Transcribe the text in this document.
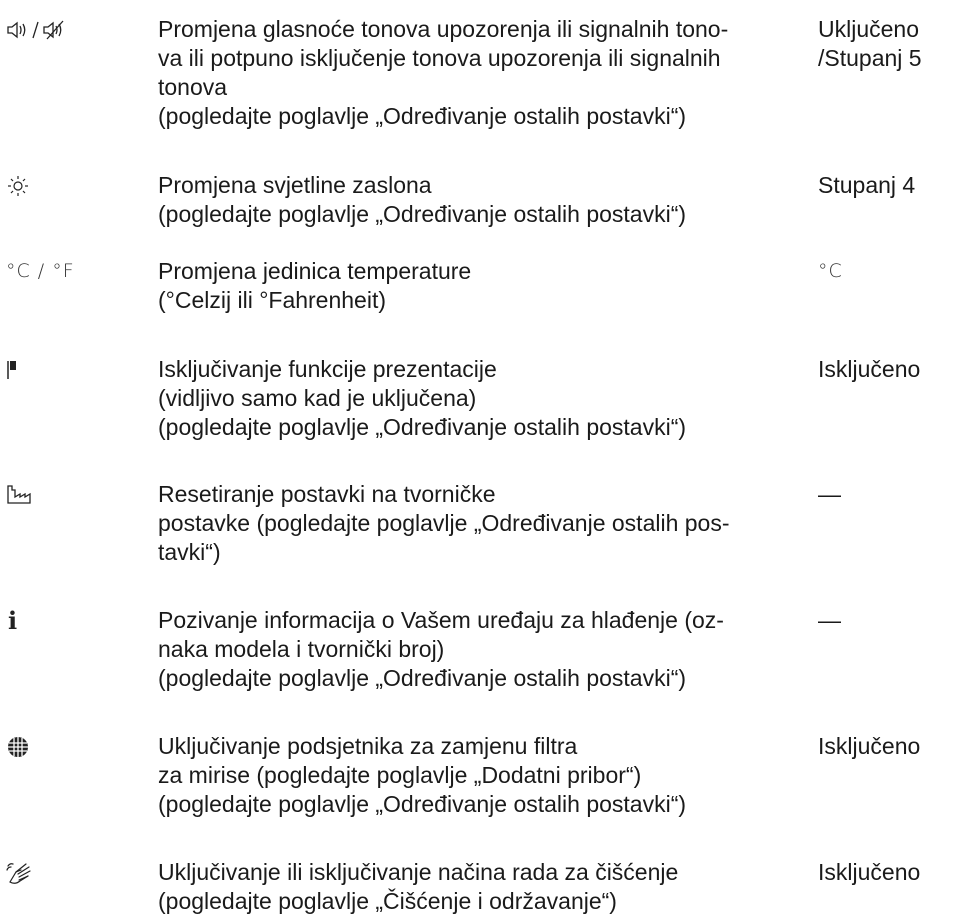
Promjena glasnoće tonova upozorenja ili signalnih tono-
va ili potpuno isključenje tonova upozorenja ili signalnih
tonova
(pogledajte poglavlje „Određivanje ostalih postavki“)
Uključeno
/Stupanj 5
Promjena svjetline zaslona
(pogledajte poglavlje „Određivanje ostalih postavki“)
Stupanj 4
°C / °F	Promjena jedinica temperature
(°Celzij ili °Fahrenheit)
°C
Isključivanje funkcije prezentacije
(vidljivo samo kad je uključena)
(pogledajte poglavlje „Određivanje ostalih postavki“)
Isključeno
Resetiranje postavki na tvorničke
postavke (pogledajte poglavlje „Određivanje ostalih pos-
tavki“)
—
i	Pozivanje informacija o Vašem uređaju za hlađenje (oz-
naka modela i tvornički broj)
(pogledajte poglavlje „Određivanje ostalih postavki“)
—
Uključivanje podsjetnika za zamjenu filtra
za mirise (pogledajte poglavlje „Dodatni pribor“)
(pogledajte poglavlje „Određivanje ostalih postavki“)
Isključeno
Uključivanje ili isključivanje načina rada za čišćenje
(pogledajte poglavlje „Čišćenje i održavanje“)
Isključeno
